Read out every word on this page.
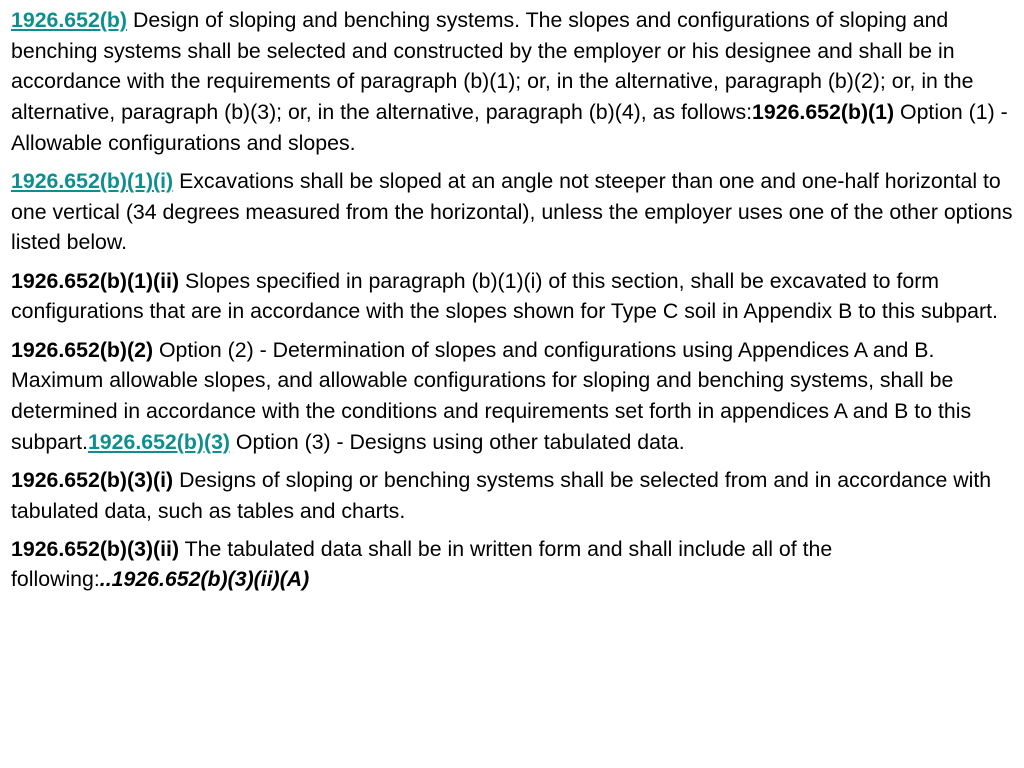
1926.652(b) Design of sloping and benching systems. The slopes and configurations of sloping and benching systems shall be selected and constructed by the employer or his designee and shall be in accordance with the requirements of paragraph (b)(1); or, in the alternative, paragraph (b)(2); or, in the alternative, paragraph (b)(3); or, in the alternative, paragraph (b)(4), as follows:1926.652(b)(1) Option (1) - Allowable configurations and slopes.

1926.652(b)(1)(i) Excavations shall be sloped at an angle not steeper than one and one-half horizontal to one vertical (34 degrees measured from the horizontal), unless the employer uses one of the other options listed below.

1926.652(b)(1)(ii) Slopes specified in paragraph (b)(1)(i) of this section, shall be excavated to form configurations that are in accordance with the slopes shown for Type C soil in Appendix B to this subpart.

1926.652(b)(2) Option (2) - Determination of slopes and configurations using Appendices A and B. Maximum allowable slopes, and allowable configurations for sloping and benching systems, shall be determined in accordance with the conditions and requirements set forth in appendices A and B to this subpart.1926.652(b)(3) Option (3) - Designs using other tabulated data.

1926.652(b)(3)(i) Designs of sloping or benching systems shall be selected from and in accordance with tabulated data, such as tables and charts.

1926.652(b)(3)(ii) The tabulated data shall be in written form and shall include all of the following:..1926.652(b)(3)(ii)(A)
